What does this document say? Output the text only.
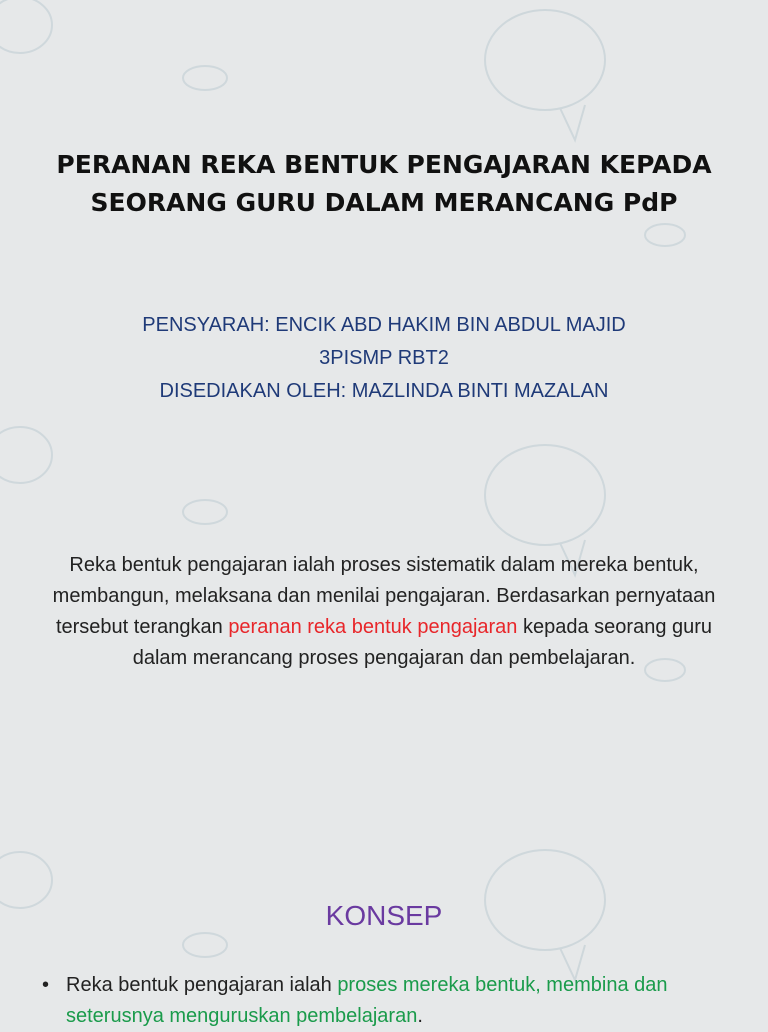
PERANAN REKA BENTUK PENGAJARAN KEPADA
SEORANG GURU DALAM MERANCANG PdP
PENSYARAH: ENCIK ABD HAKIM BIN ABDUL MAJID
3PISMP RBT2
DISEDIAKAN OLEH: MAZLINDA BINTI MAZALAN

Reka bentuk pengajaran ialah proses sistematik dalam mereka bentuk, membangun, melaksana dan menilai pengajaran. Berdasarkan pernyataan tersebut terangkan peranan reka bentuk pengajaran kepada seorang guru dalam merancang proses pengajaran dan pembelajaran.

KONSEP
• Reka bentuk pengajaran ialah proses mereka bentuk, membina dan seterusnya menguruskan pembelajaran.
